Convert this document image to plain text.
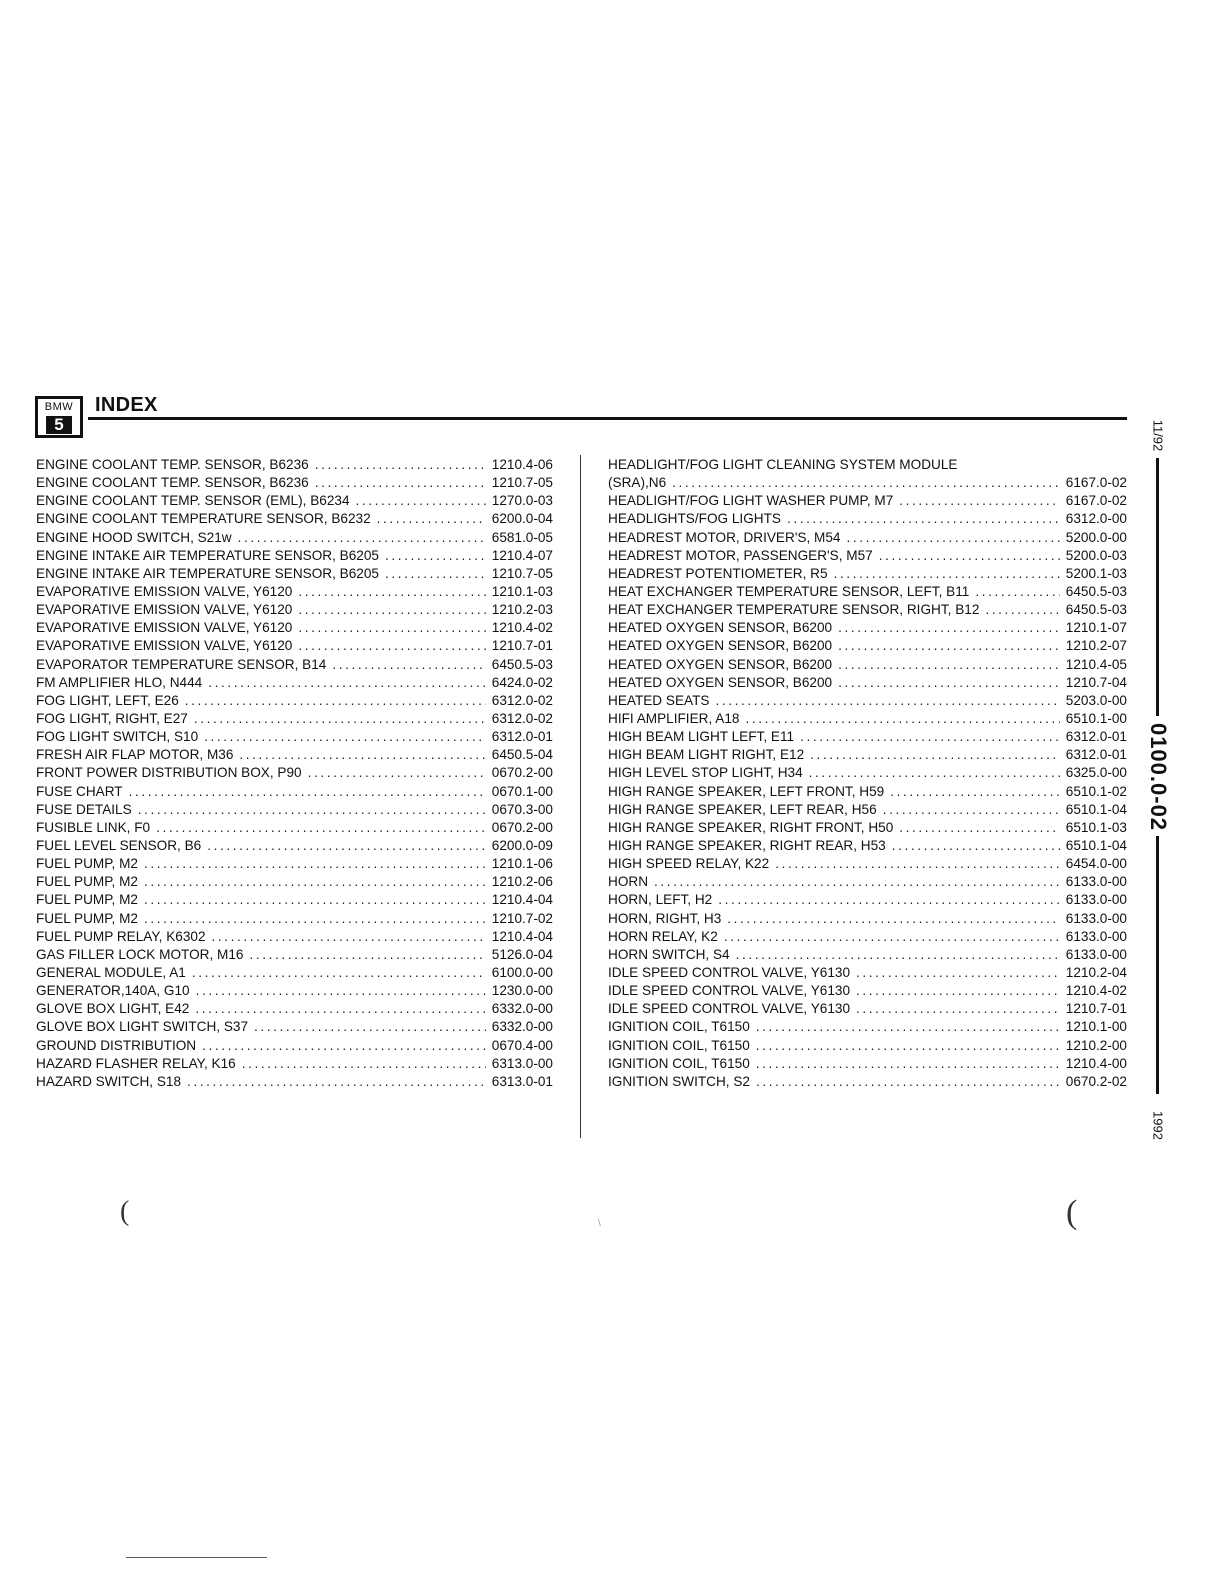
BMW
5
INDEX
ENGINE COOLANT TEMP. SENSOR, B6236 .....	1210.4-06
ENGINE COOLANT TEMP. SENSOR, B6236 .....	1210.7-05
ENGINE COOLANT TEMP. SENSOR (EML), B6234 .....	1270.0-03
ENGINE COOLANT TEMPERATURE SENSOR, B6232 .....	6200.0-04
ENGINE HOOD SWITCH, S21w .....	6581.0-05
ENGINE INTAKE AIR TEMPERATURE SENSOR, B6205 .....	1210.4-07
ENGINE INTAKE AIR TEMPERATURE SENSOR, B6205 .....	1210.7-05
EVAPORATIVE EMISSION VALVE, Y6120 .....	1210.1-03
EVAPORATIVE EMISSION VALVE, Y6120 .....	1210.2-03
EVAPORATIVE EMISSION VALVE, Y6120 .....	1210.4-02
EVAPORATIVE EMISSION VALVE, Y6120 .....	1210.7-01
EVAPORATOR TEMPERATURE SENSOR, B14 .....	6450.5-03
FM AMPLIFIER HLO, N444 .....	6424.0-02
FOG LIGHT, LEFT, E26 .....	6312.0-02
FOG LIGHT, RIGHT, E27 .....	6312.0-02
FOG LIGHT SWITCH, S10 .....	6312.0-01
FRESH AIR FLAP MOTOR, M36 .....	6450.5-04
FRONT POWER DISTRIBUTION BOX, P90 .....	0670.2-00
FUSE CHART .....	0670.1-00
FUSE DETAILS .....	0670.3-00
FUSIBLE LINK, F0 .....	0670.2-00
FUEL LEVEL SENSOR, B6 .....	6200.0-09
FUEL PUMP, M2 .....	1210.1-06
FUEL PUMP, M2 .....	1210.2-06
FUEL PUMP, M2 .....	1210.4-04
FUEL PUMP, M2 .....	1210.7-02
FUEL PUMP RELAY, K6302 .....	1210.4-04
GAS FILLER LOCK MOTOR, M16 .....	5126.0-04
GENERAL MODULE, A1 .....	6100.0-00
GENERATOR,140A, G10 .....	1230.0-00
GLOVE BOX LIGHT, E42 .....	6332.0-00
GLOVE BOX LIGHT SWITCH, S37 .....	6332.0-00
GROUND DISTRIBUTION .....	0670.4-00
HAZARD FLASHER RELAY, K16 .....	6313.0-00
HAZARD SWITCH, S18 .....	6313.0-01
HEADLIGHT/FOG LIGHT CLEANING SYSTEM MODULE
(SRA),N6 .....	6167.0-02
HEADLIGHT/FOG LIGHT WASHER PUMP, M7 .....	6167.0-02
HEADLIGHTS/FOG LIGHTS .....	6312.0-00
HEADREST MOTOR, DRIVER'S, M54 .....	5200.0-00
HEADREST MOTOR, PASSENGER'S, M57 .....	5200.0-03
HEADREST POTENTIOMETER, R5 .....	5200.1-03
HEAT EXCHANGER TEMPERATURE SENSOR, LEFT, B11 .....	6450.5-03
HEAT EXCHANGER TEMPERATURE SENSOR, RIGHT, B12 .....	6450.5-03
HEATED OXYGEN SENSOR, B6200 .....	1210.1-07
HEATED OXYGEN SENSOR, B6200 .....	1210.2-07
HEATED OXYGEN SENSOR, B6200 .....	1210.4-05
HEATED OXYGEN SENSOR, B6200 .....	1210.7-04
HEATED SEATS .....	5203.0-00
HIFI AMPLIFIER, A18 .....	6510.1-00
HIGH BEAM LIGHT LEFT, E11 .....	6312.0-01
HIGH BEAM LIGHT RIGHT, E12 .....	6312.0-01
HIGH LEVEL STOP LIGHT, H34 .....	6325.0-00
HIGH RANGE SPEAKER, LEFT FRONT, H59 .....	6510.1-02
HIGH RANGE SPEAKER, LEFT REAR, H56 .....	6510.1-04
HIGH RANGE SPEAKER, RIGHT FRONT, H50 .....	6510.1-03
HIGH RANGE SPEAKER, RIGHT REAR, H53 .....	6510.1-04
HIGH SPEED RELAY, K22 .....	6454.0-00
HORN .....	6133.0-00
HORN, LEFT, H2 .....	6133.0-00
HORN, RIGHT, H3 .....	6133.0-00
HORN RELAY, K2 .....	6133.0-00
HORN SWITCH, S4 .....	6133.0-00
IDLE SPEED CONTROL VALVE, Y6130 .....	1210.2-04
IDLE SPEED CONTROL VALVE, Y6130 .....	1210.4-02
IDLE SPEED CONTROL VALVE, Y6130 .....	1210.7-01
IGNITION COIL, T6150 .....	1210.1-00
IGNITION COIL, T6150 .....	1210.2-00
IGNITION COIL, T6150 .....	1210.4-00
IGNITION SWITCH, S2 .....	0670.2-02
11/92
0100.0-02
1992
(	\	(
